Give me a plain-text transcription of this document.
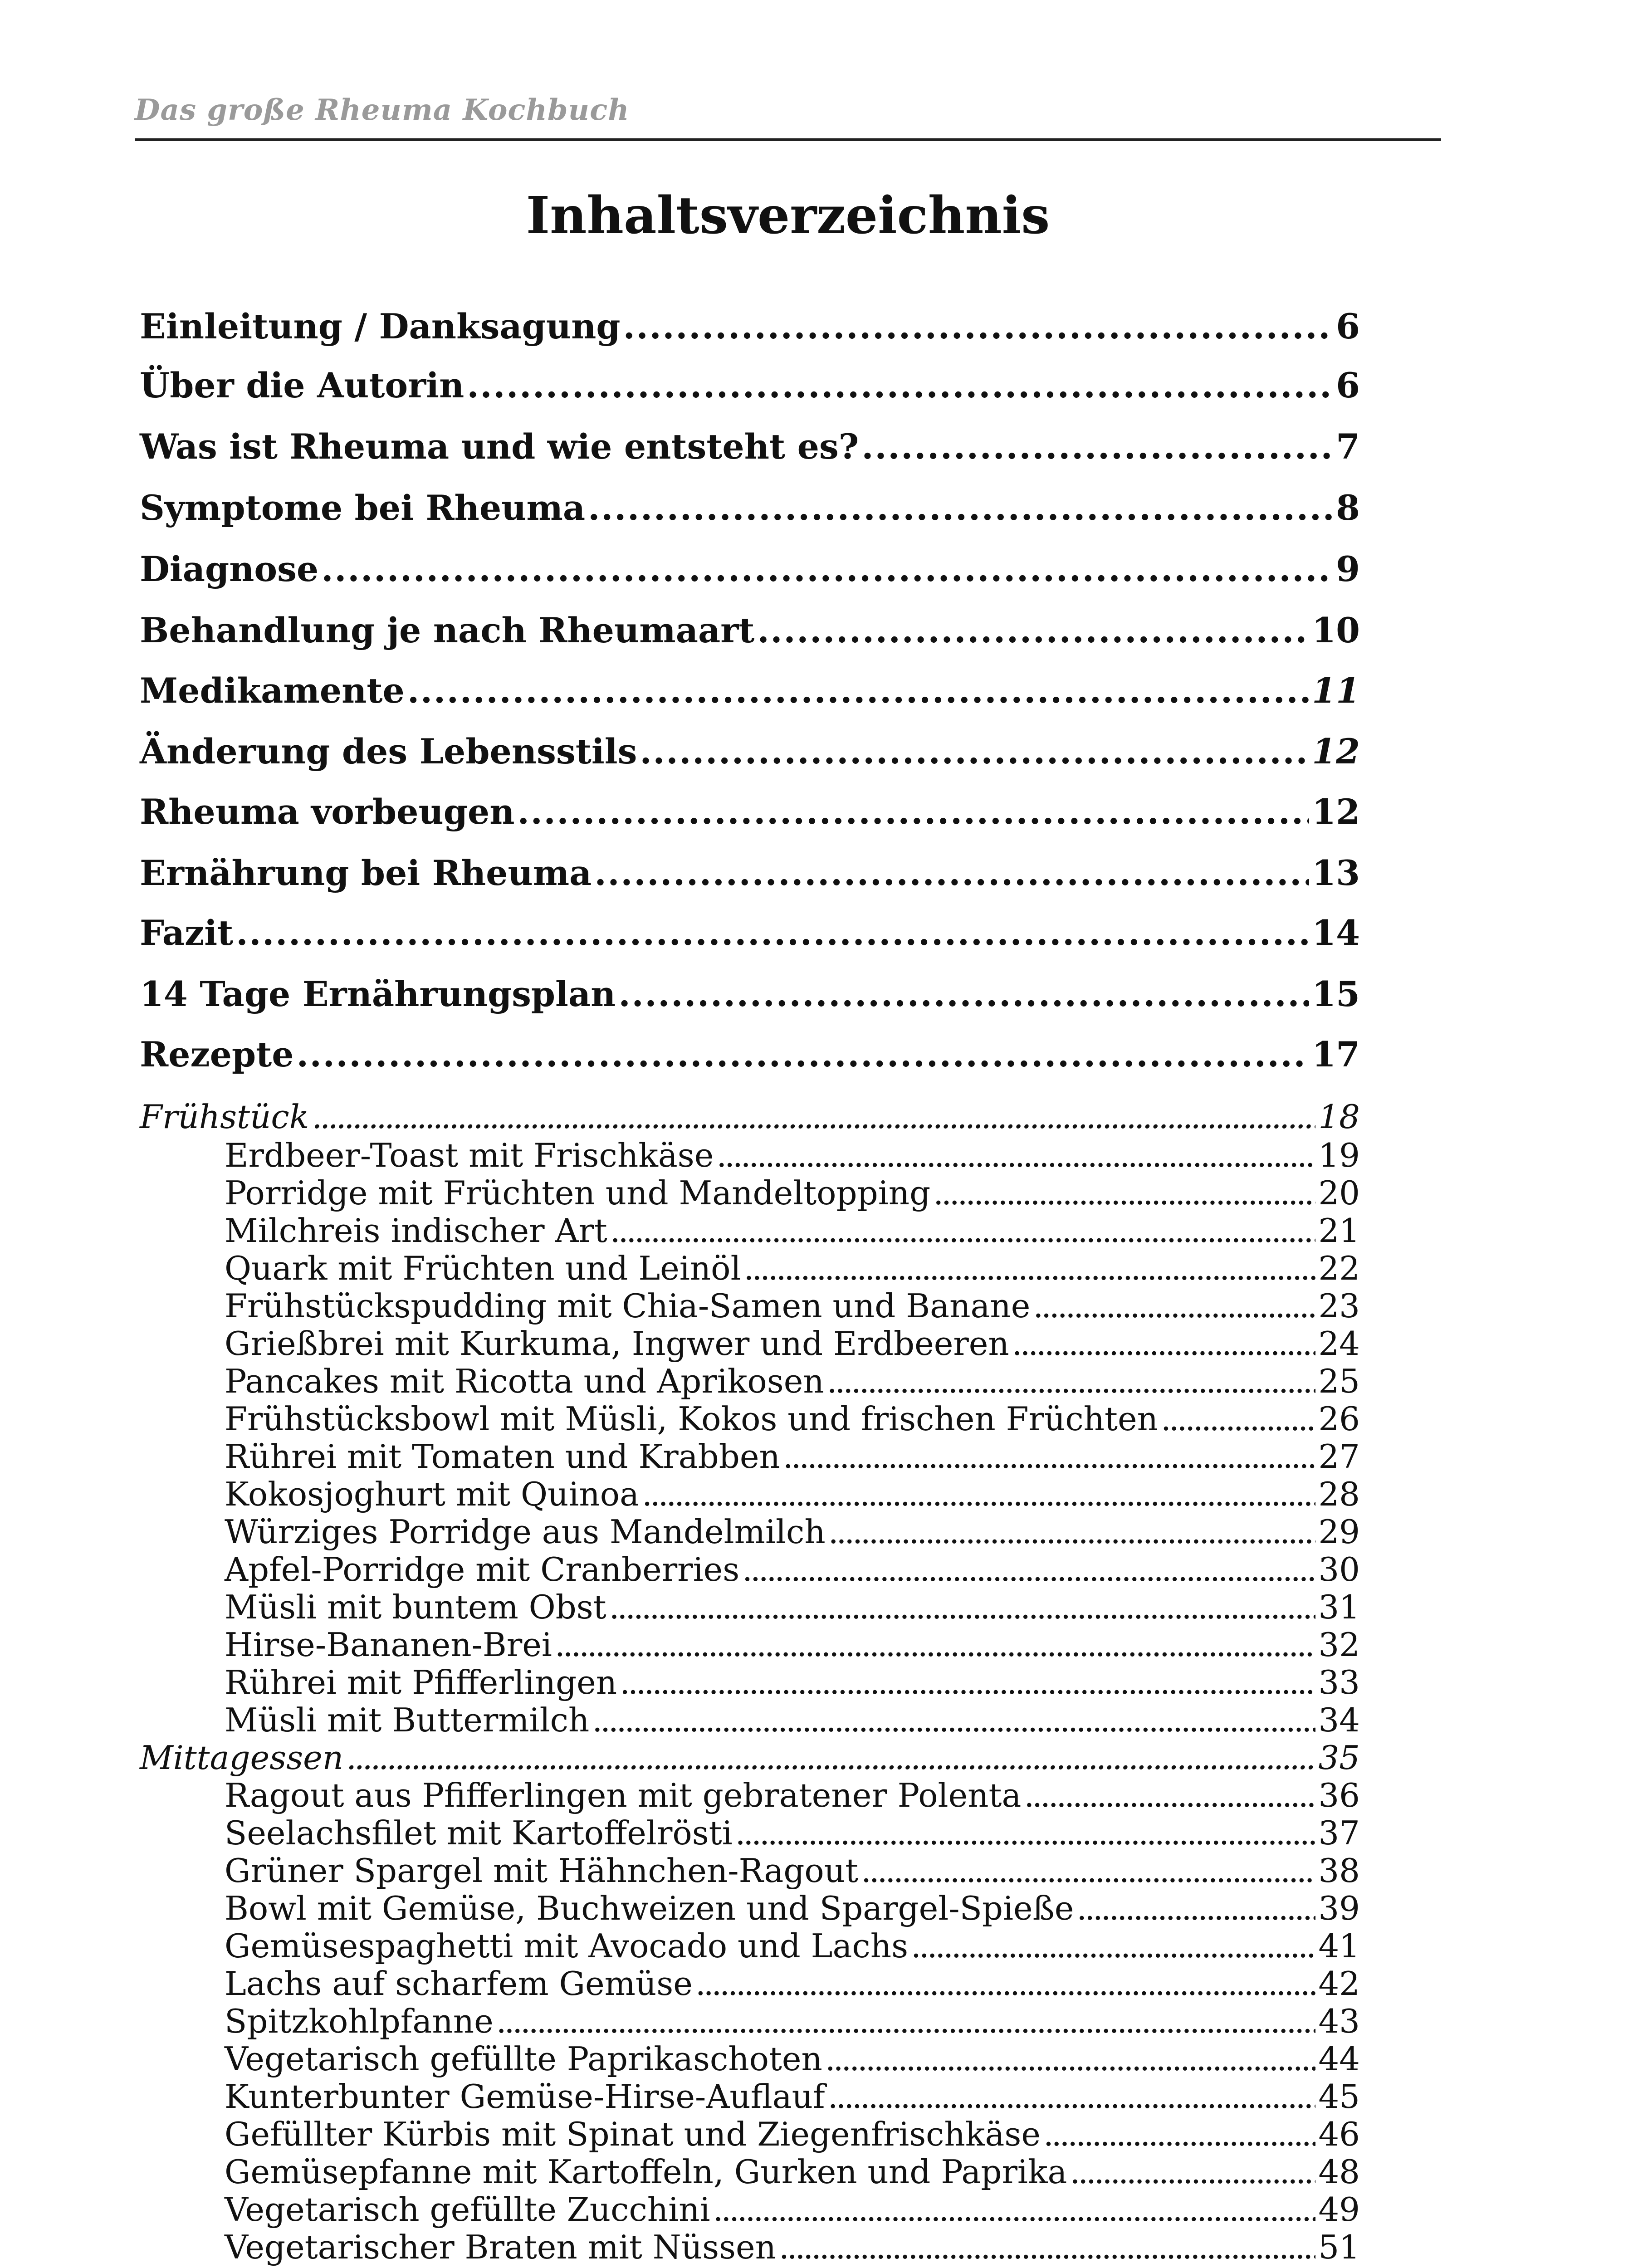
Das große Rheuma Kochbuch
Inhaltsverzeichnis
Einleitung / Danksagung . . .	6
Über die Autorin . . .	6
Was ist Rheuma und wie entsteht es? . . .	7
Symptome bei Rheuma . . .	8
Diagnose . . .	9
Behandlung je nach Rheumaart . . .	10
Medikamente . . .	11
Änderung des Lebensstils . . .	12
Rheuma vorbeugen . . .	12
Ernährung bei Rheuma . . .	13
Fazit . . .	14
14 Tage Ernährungsplan . . .	15
Rezepte . . .	17
Frühstück . . .	18
Erdbeer-Toast mit Frischkäse . . .	19
Porridge mit Früchten und Mandeltopping . . .	20
Milchreis indischer Art . . .	21
Quark mit Früchten und Leinöl . . .	22
Frühstückspudding mit Chia-Samen und Banane . . .	23
Grießbrei mit Kurkuma, Ingwer und Erdbeeren . . .	24
Pancakes mit Ricotta und Aprikosen . . .	25
Frühstücksbowl mit Müsli, Kokos und frischen Früchten . . .	26
Rührei mit Tomaten und Krabben . . .	27
Kokosjoghurt mit Quinoa . . .	28
Würziges Porridge aus Mandelmilch . . .	29
Apfel-Porridge mit Cranberries . . .	30
Müsli mit buntem Obst . . .	31
Hirse-Bananen-Brei . . .	32
Rührei mit Pfifferlingen . . .	33
Müsli mit Buttermilch . . .	34
Mittagessen . . .	35
Ragout aus Pfifferlingen mit gebratener Polenta . . .	36
Seelachsfilet mit Kartoffelrösti . . .	37
Grüner Spargel mit Hähnchen-Ragout . . .	38
Bowl mit Gemüse, Buchweizen und Spargel-Spieße . . .	39
Gemüsespaghetti mit Avocado und Lachs . . .	41
Lachs auf scharfem Gemüse . . .	42
Spitzkohlpfanne . . .	43
Vegetarisch gefüllte Paprikaschoten . . .	44
Kunterbunter Gemüse-Hirse-Auflauf . . .	45
Gefüllter Kürbis mit Spinat und Ziegenfrischkäse . . .	46
Gemüsepfanne mit Kartoffeln, Gurken und Paprika . . .	48
Vegetarisch gefüllte Zucchini . . .	49
Vegetarischer Braten mit Nüssen . . .	51
